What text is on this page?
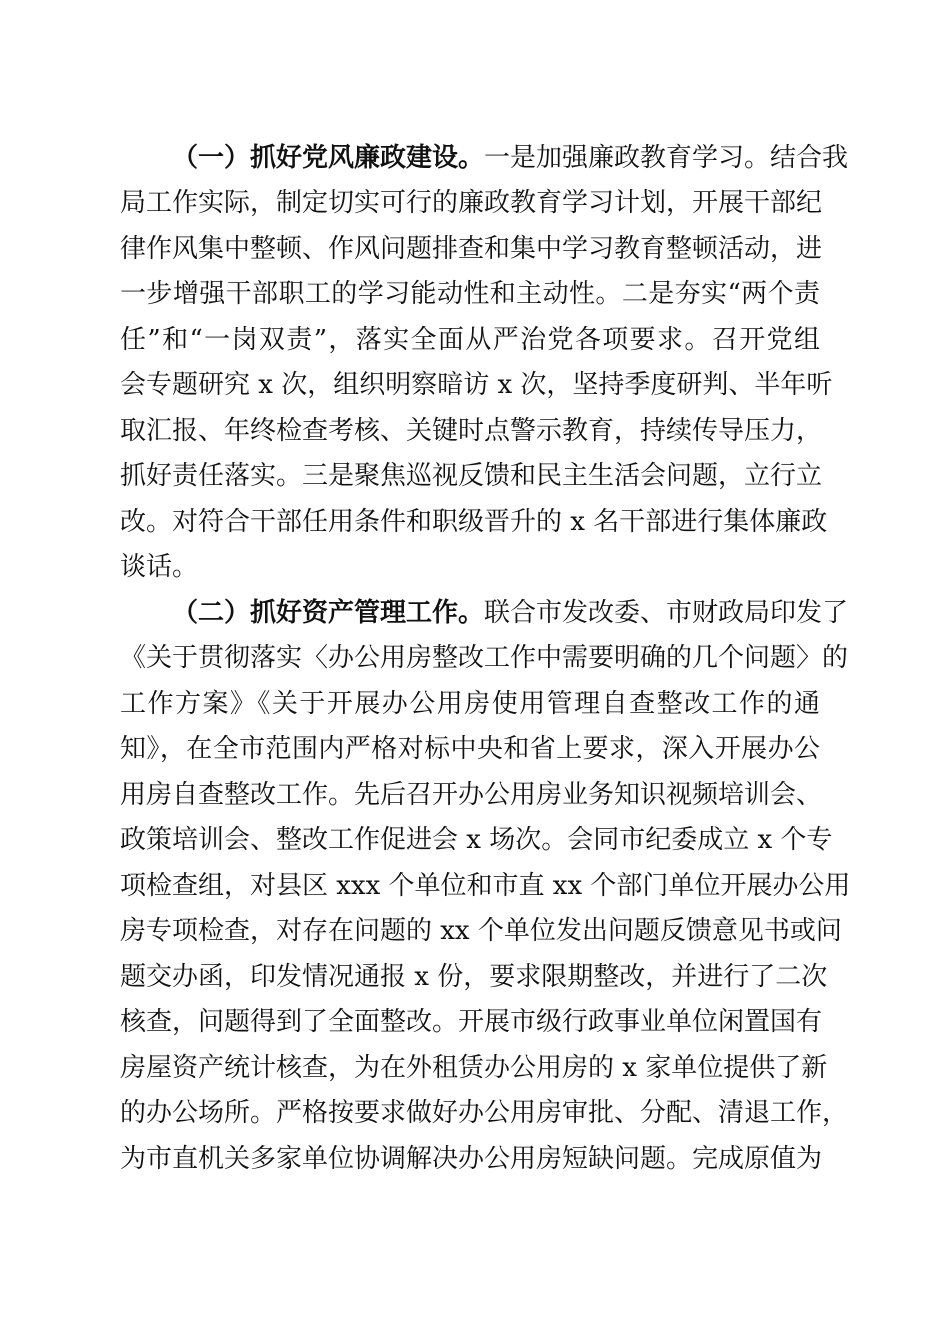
（一）抓好党风廉政建设。一是加强廉政教育学习。结合我
局工作实际，制定切实可行的廉政教育学习计划，开展干部纪
律作风集中整顿、作风问题排查和集中学习教育整顿活动，进
一步增强干部职工的学习能动性和主动性。二是夯实“两个责
任”和“一岗双责”，落实全面从严治党各项要求。召开党组
会专题研究 x 次，组织明察暗访 x 次，坚持季度研判、半年听
取汇报、年终检查考核、关键时点警示教育，持续传导压力，
抓好责任落实。三是聚焦巡视反馈和民主生活会问题，立行立
改。对符合干部任用条件和职级晋升的 x 名干部进行集体廉政
谈话。
（二）抓好资产管理工作。联合市发改委、市财政局印发了
《关于贯彻落实〈办公用房整改工作中需要明确的几个问题〉的
工作方案》《关于开展办公用房使用管理自查整改工作的通
知》，在全市范围内严格对标中央和省上要求，深入开展办公
用房自查整改工作。先后召开办公用房业务知识视频培训会、
政策培训会、整改工作促进会 x 场次。会同市纪委成立 x 个专
项检查组，对县区 xxx 个单位和市直 xx 个部门单位开展办公用
房专项检查，对存在问题的 xx 个单位发出问题反馈意见书或问
题交办函，印发情况通报 x 份，要求限期整改，并进行了二次
核查，问题得到了全面整改。开展市级行政事业单位闲置国有
房屋资产统计核查，为在外租赁办公用房的 x 家单位提供了新
的办公场所。严格按要求做好办公用房审批、分配、清退工作，
为市直机关多家单位协调解决办公用房短缺问题。完成原值为
